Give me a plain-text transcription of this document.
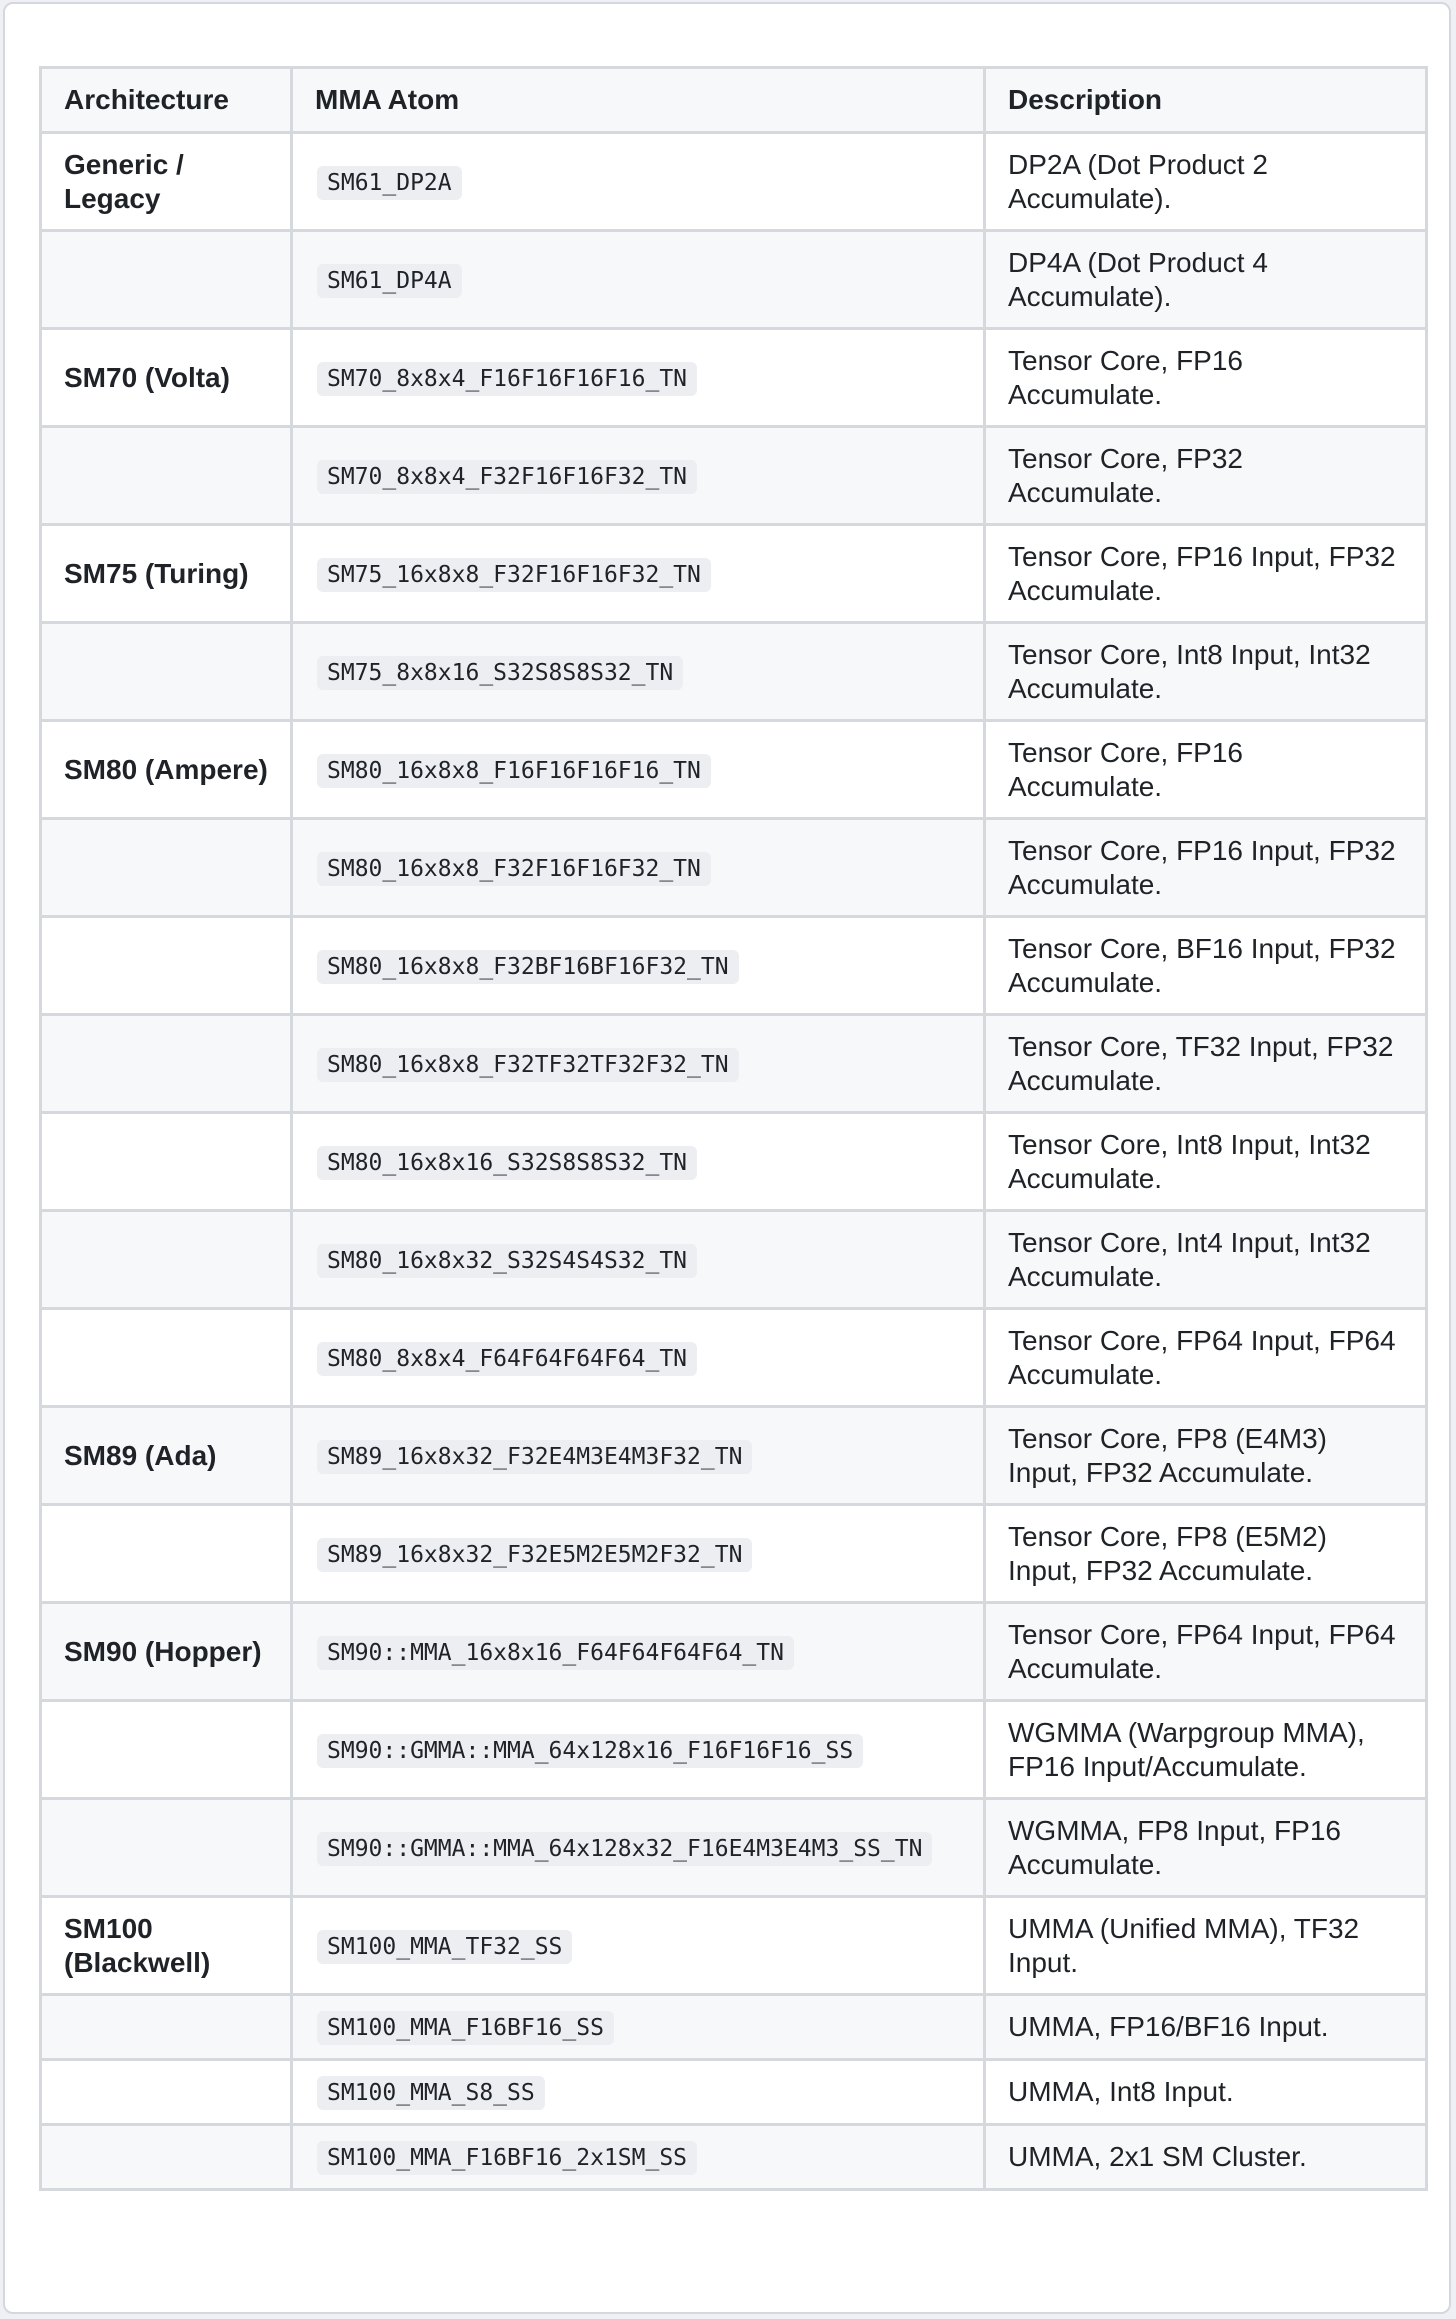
Architecture	MMA Atom	Description
Generic / Legacy	SM61_DP2A	DP2A (Dot Product 2 Accumulate).
	SM61_DP4A	DP4A (Dot Product 4 Accumulate).
SM70 (Volta)	SM70_8x8x4_F16F16F16F16_TN	Tensor Core, FP16 Accumulate.
	SM70_8x8x4_F32F16F16F32_TN	Tensor Core, FP32 Accumulate.
SM75 (Turing)	SM75_16x8x8_F32F16F16F32_TN	Tensor Core, FP16 Input, FP32 Accumulate.
	SM75_8x8x16_S32S8S8S32_TN	Tensor Core, Int8 Input, Int32 Accumulate.
SM80 (Ampere)	SM80_16x8x8_F16F16F16F16_TN	Tensor Core, FP16 Accumulate.
	SM80_16x8x8_F32F16F16F32_TN	Tensor Core, FP16 Input, FP32 Accumulate.
	SM80_16x8x8_F32BF16BF16F32_TN	Tensor Core, BF16 Input, FP32 Accumulate.
	SM80_16x8x8_F32TF32TF32F32_TN	Tensor Core, TF32 Input, FP32 Accumulate.
	SM80_16x8x16_S32S8S8S32_TN	Tensor Core, Int8 Input, Int32 Accumulate.
	SM80_16x8x32_S32S4S4S32_TN	Tensor Core, Int4 Input, Int32 Accumulate.
	SM80_8x8x4_F64F64F64F64_TN	Tensor Core, FP64 Input, FP64 Accumulate.
SM89 (Ada)	SM89_16x8x32_F32E4M3E4M3F32_TN	Tensor Core, FP8 (E4M3) Input, FP32 Accumulate.
	SM89_16x8x32_F32E5M2E5M2F32_TN	Tensor Core, FP8 (E5M2) Input, FP32 Accumulate.
SM90 (Hopper)	SM90::MMA_16x8x16_F64F64F64F64_TN	Tensor Core, FP64 Input, FP64 Accumulate.
	SM90::GMMA::MMA_64x128x16_F16F16F16_SS	WGMMA (Warpgroup MMA), FP16 Input/Accumulate.
	SM90::GMMA::MMA_64x128x32_F16E4M3E4M3_SS_TN	WGMMA, FP8 Input, FP16 Accumulate.
SM100 (Blackwell)	SM100_MMA_TF32_SS	UMMA (Unified MMA), TF32 Input.
	SM100_MMA_F16BF16_SS	UMMA, FP16/BF16 Input.
	SM100_MMA_S8_SS	UMMA, Int8 Input.
	SM100_MMA_F16BF16_2x1SM_SS	UMMA, 2x1 SM Cluster.
